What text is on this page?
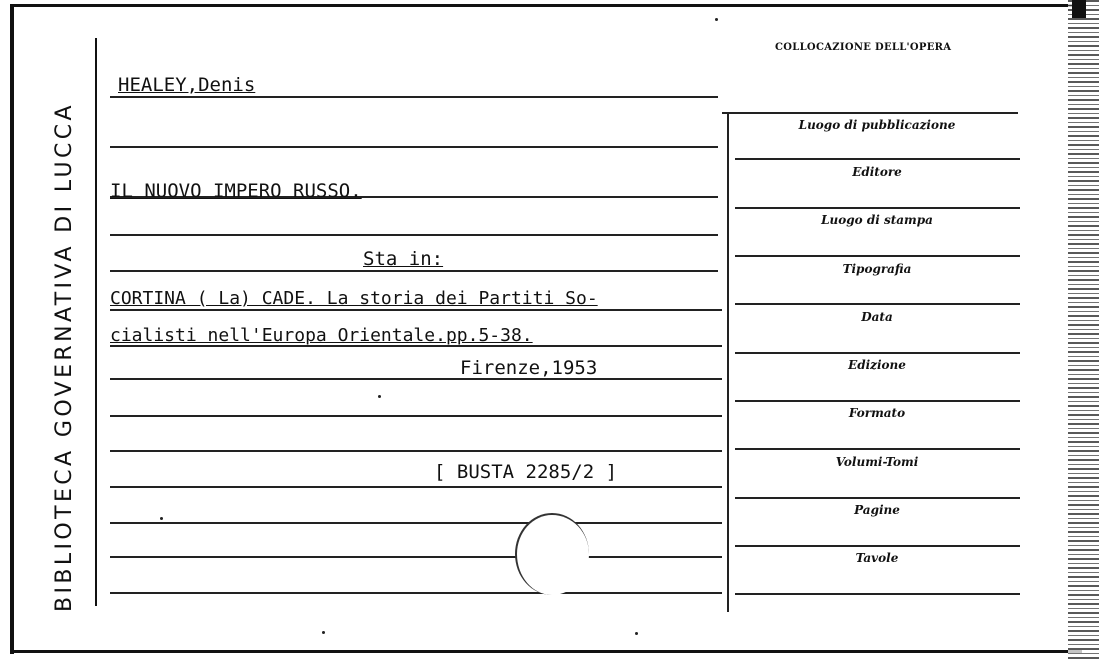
BIBLIOTECA GOVERNATIVA DI LUCCA
COLLOCAZIONE DELL'OPERA
HEALEY,Denis
IL NUOVO IMPERO RUSSO.
Sta in:
CORTINA ( La) CADE. La storia dei Partiti So-
cialisti nell'Europa Orientale.pp.5-38.
Firenze,1953
[ BUSTA 2285/2 ]
Luogo di pubblicazione
Editore
Luogo di stampa
Tipografia
Data
Edizione
Formato
Volumi-Tomi
Pagine
Tavole
